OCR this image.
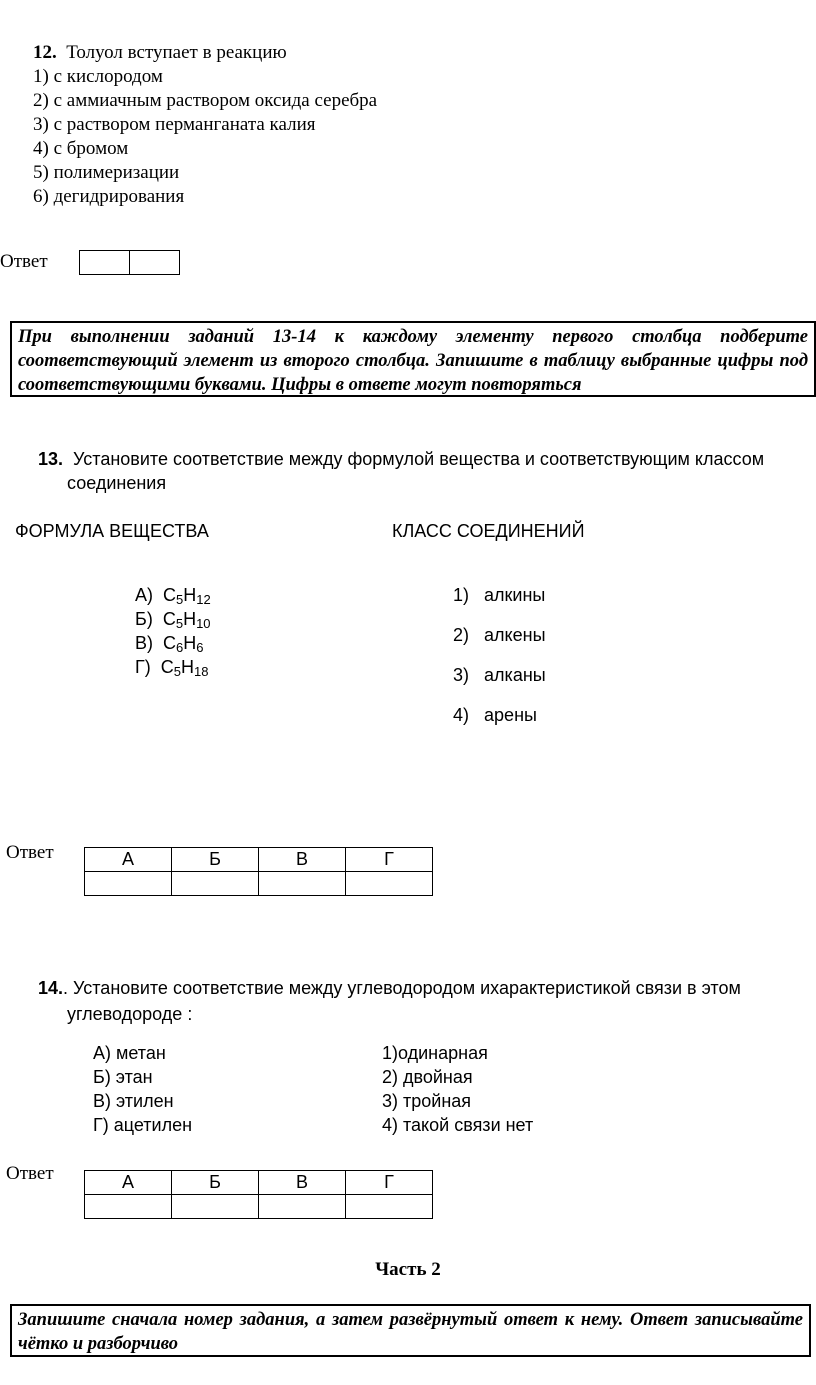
12. Толуол вступает в реакцию
1) с кислородом
2) с аммиачным раствором оксида серебра
3) с раствором перманганата калия
4) с бромом
5) полимеризации
6) дегидрирования
Ответ

При выполнении заданий 13-14 к каждому элементу первого столбца подберите соответствующий элемент из второго столбца. Запишите в таблицу выбранные цифры под соответствующими буквами. Цифры в ответе могут повторяться
13. Установите соответствие между формулой вещества и соответствующим классом
соединения
ФОРМУЛА ВЕЩЕСТВА	КЛАСС СОЕДИНЕНИЙ
А) $C_5H_{12}$
Б) $C_5H_{10}$
В) $C_6H_6$
Г) $C_5H_{18}$
1) алкины
2) алкены
3) алканы
4) арены
Ответ	А	Б	В	Г

14.. Установите соответствие между углеводородом ихарактеристикой связи в этом
углеводороде :
А) метан
Б) этан
В) этилен
Г) ацетилен
1)одинарная
2) двойная
3) тройная
4) такой связи нет
Ответ	А	Б	В	Г

Часть 2
Запишите сначала номер задания, а затем развёрнутый ответ к нему. Ответ записывайте чётко и разборчиво
